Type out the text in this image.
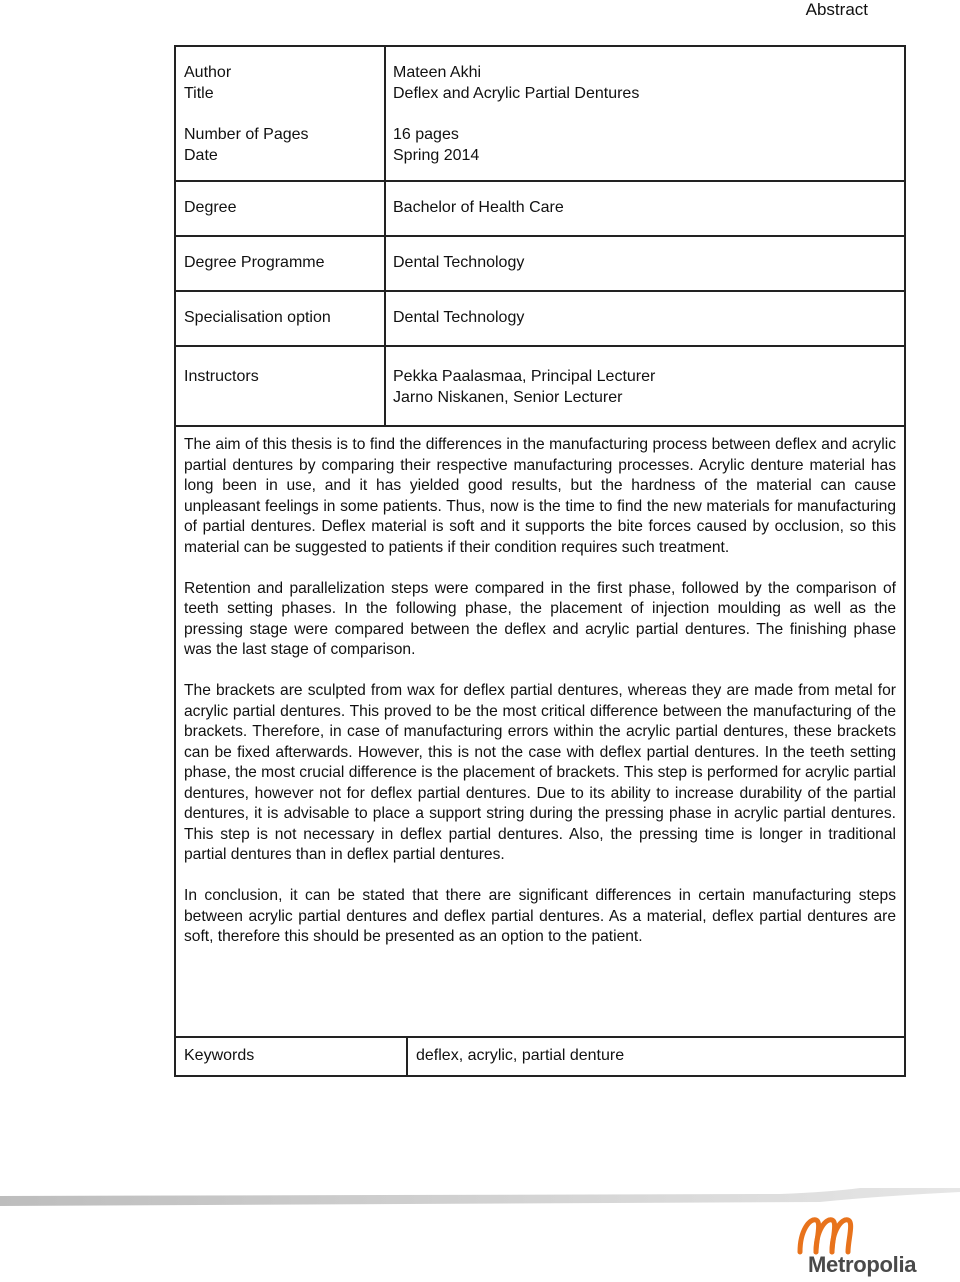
Abstract
Author	Mateen Akhi
Title	Deflex and Acrylic Partial Dentures
Number of Pages	16 pages
Date	Spring 2014
Degree	Bachelor of Health Care
Degree Programme	Dental Technology
Specialisation option	Dental Technology
Instructors	Pekka Paalasmaa, Principal Lecturer
Jarno Niskanen, Senior Lecturer

The aim of this thesis is to find the differences in the manufacturing process between deflex and acrylic partial dentures by comparing their respective manufacturing processes. Acrylic denture material has long been in use, and it has yielded good results, but the hardness of the material can cause unpleasant feelings in some patients. Thus, now is the time to find the new materials for manufacturing of partial dentures. Deflex material is soft and it supports the bite forces caused by occlusion, so this material can be suggested to patients if their condition requires such treatment.

Retention and parallelization steps were compared in the first phase, followed by the comparison of teeth setting phases. In the following phase, the placement of injection moulding as well as the pressing stage were compared between the deflex and acrylic partial dentures. The finishing phase was the last stage of comparison.

The brackets are sculpted from wax for deflex partial dentures, whereas they are made from metal for acrylic partial dentures. This proved to be the most critical difference between the manufacturing of the brackets. Therefore, in case of manufacturing errors within the acrylic partial dentures, these brackets can be fixed afterwards. However, this is not the case with deflex partial dentures. In the teeth setting phase, the most crucial difference is the placement of brackets. This step is performed for acrylic partial dentures, however not for deflex partial dentures. Due to its ability to increase durability of the partial dentures, it is advisable to place a support string during the pressing phase in acrylic partial dentures. This step is not necessary in deflex partial dentures. Also, the pressing time is longer in traditional partial dentures than in deflex partial dentures.

In conclusion, it can be stated that there are significant differences in certain manufacturing steps between acrylic partial dentures and deflex partial dentures. As a material, deflex partial dentures are soft, therefore this should be presented as an option to the patient.

Keywords	deflex, acrylic, partial denture
Metropolia
